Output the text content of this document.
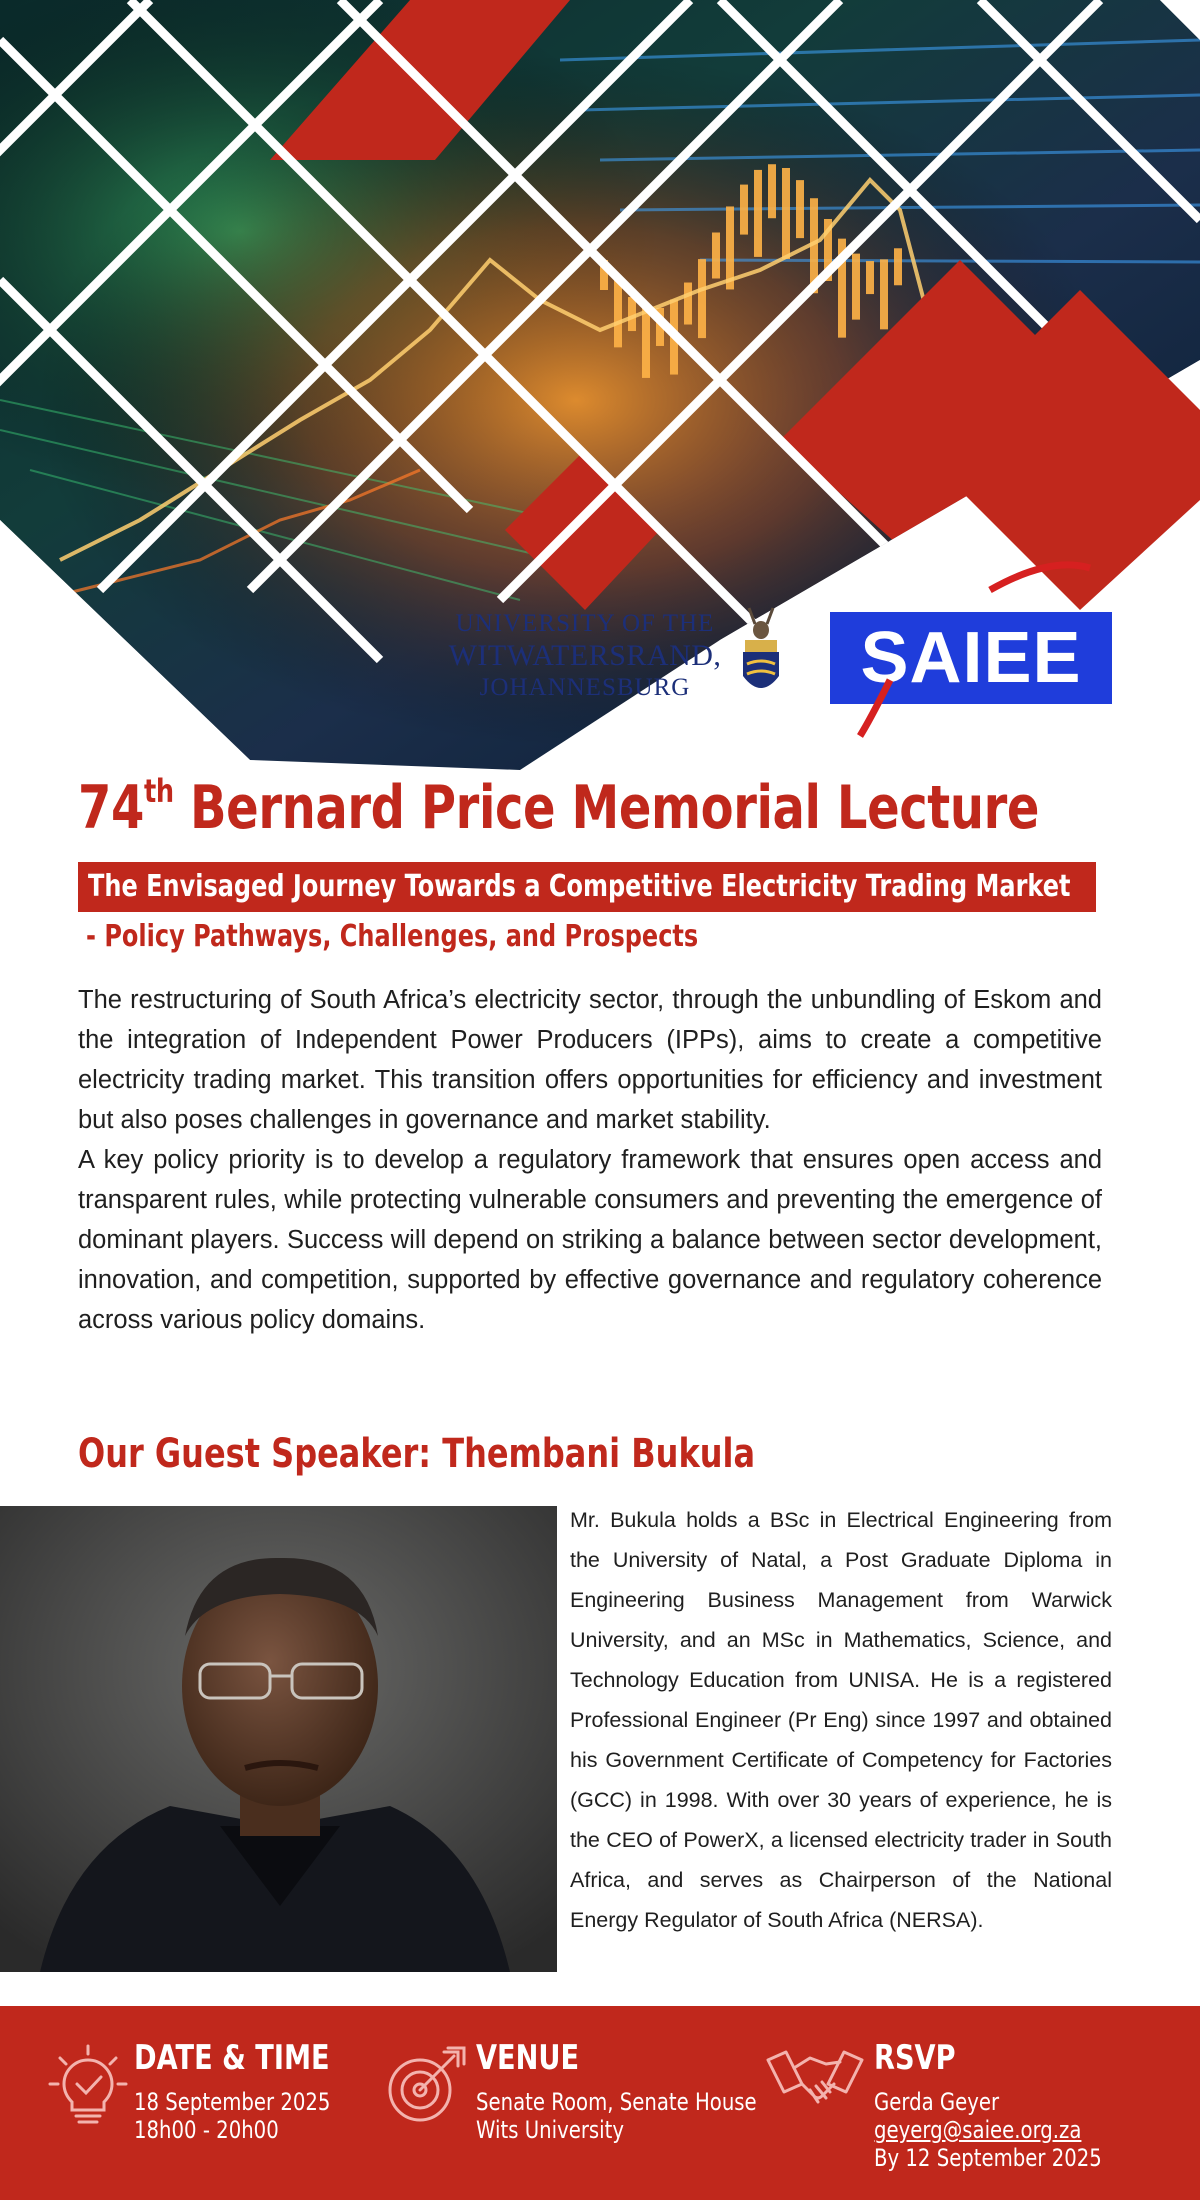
UNIVERSITY OF THE
WITWATERSRAND,
JOHANNESBURG	SAIEE
74th Bernard Price Memorial Lecture
The Envisaged Journey Towards a Competitive Electricity Trading Market
- Policy Pathways, Challenges, and Prospects

The restructuring of South Africa’s electricity sector, through the unbundling of Eskom and the integration of Independent Power Producers (IPPs), aims to create a competitive electricity trading market. This transition offers opportunities for efficiency and investment but also poses challenges in governance and market stability.

A key policy priority is to develop a regulatory framework that ensures open access and transparent rules, while protecting vulnerable consumers and preventing the emergence of dominant players. Success will depend on striking a balance between sector development, innovation, and competition, supported by effective governance and regulatory coherence across various policy domains.

Our Guest Speaker: Thembani Bukula
Mr. Bukula holds a BSc in Electrical Engineering from the University of Natal, a Post Graduate Diploma in Engineering Business Management from Warwick University, and an MSc in Mathematics, Science, and Technology Education from UNISA. He is a registered Professional Engineer (Pr Eng) since 1997 and obtained his Government Certificate of Competency for Factories (GCC) in 1998. With over 30 years of experience, he is the CEO of PowerX, a licensed electricity trader in South Africa, and serves as Chairperson of the National Energy Regulator of South Africa (NERSA).
DATE & TIME
18 September 2025
18h00 - 20h00
VENUE
Senate Room, Senate House
Wits University
RSVP
Gerda Geyer
geyerg@saiee.org.za
By 12 September 2025
